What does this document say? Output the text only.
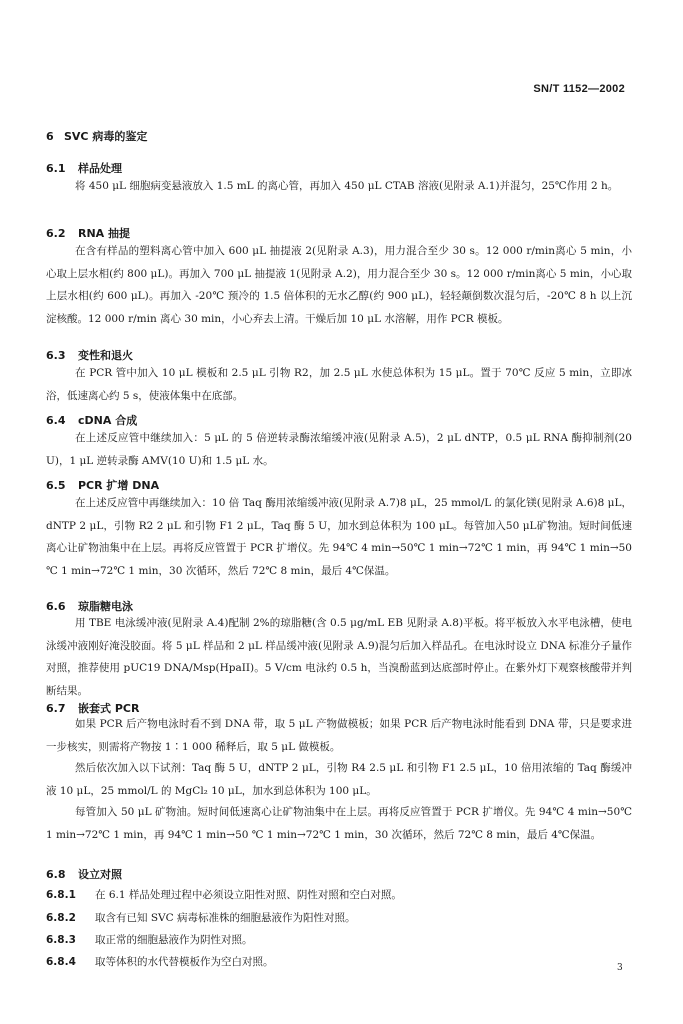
SN/T 1152—2002
6 SVC 病毒的鉴定
6.1 样品处理

将 450 μL 细胞病变悬液放入 1.5 mL 的离心管，再加入 450 μL CTAB 溶液(见附录 A.1)并混匀，25℃作用 2 h。

6.2 RNA 抽提

在含有样品的塑料离心管中加入 600 μL 抽提液 2(见附录 A.3)，用力混合至少 30 s。12 000 r/min离心 5 min，小心取上层水相(约 800 μL)。再加入 700 μL 抽提液 1(见附录 A.2)，用力混合至少 30 s。12 000 r/min离心 5 min，小心取上层水相(约 600 μL)。再加入 -20℃ 预冷的 1.5 倍体积的无水乙醇(约 900 μL)，轻轻颠倒数次混匀后，-20℃ 8 h 以上沉淀核酸。12 000 r/min 离心 30 min，小心弃去上清。干燥后加 10 μL 水溶解，用作 PCR 模板。

6.3 变性和退火

在 PCR 管中加入 10 μL 模板和 2.5 μL 引物 R2，加 2.5 μL 水使总体积为 15 μL。置于 70℃ 反应 5 min，立即冰浴，低速离心约 5 s，使液体集中在底部。

6.4 cDNA 合成

在上述反应管中继续加入：5 μL 的 5 倍逆转录酶浓缩缓冲液(见附录 A.5)，2 μL dNTP，0.5 μL RNA 酶抑制剂(20 U)，1 μL 逆转录酶 AMV(10 U)和 1.5 μL 水。

6.5 PCR 扩增 DNA

在上述反应管中再继续加入：10 倍 Taq 酶用浓缩缓冲液(见附录 A.7)8 μL，25 mmol/L 的氯化镁(见附录 A.6)8 μL，dNTP 2 μL，引物 R2 2 μL 和引物 F1 2 μL，Taq 酶 5 U，加水到总体积为 100 μL。每管加入50 μL矿物油。短时间低速离心让矿物油集中在上层。再将反应管置于 PCR 扩增仪。先 94℃ 4 min→50℃ 1 min→72℃ 1 min，再 94℃ 1 min→50 ℃ 1 min→72℃ 1 min，30 次循环，然后 72℃ 8 min，最后 4℃保温。

6.6 琼脂糖电泳

用 TBE 电泳缓冲液(见附录 A.4)配制 2%的琼脂糖(含 0.5 μg/mL EB 见附录 A.8)平板。将平板放入水平电泳槽，使电泳缓冲液刚好淹没胶面。将 5 μL 样品和 2 μL 样品缓冲液(见附录 A.9)混匀后加入样品孔。在电泳时设立 DNA 标准分子量作对照，推荐使用 pUC19 DNA/Msp(HpaII)。5 V/cm 电泳约 0.5 h，当溴酚蓝到达底部时停止。在紫外灯下观察核酸带并判断结果。

6.7 嵌套式 PCR

如果 PCR 后产物电泳时看不到 DNA 带，取 5 μL 产物做模板；如果 PCR 后产物电泳时能看到 DNA 带，只是要求进一步核实，则需将产物按 1∶1 000 稀释后，取 5 μL 做模板。

然后依次加入以下试剂：Taq 酶 5 U，dNTP 2 μL，引物 R4 2.5 μL 和引物 F1 2.5 μL，10 倍用浓缩的 Taq 酶缓冲液 10 μL，25 mmol/L 的 MgCl₂ 10 μL，加水到总体积为 100 μL。

每管加入 50 μL 矿物油。短时间低速离心让矿物油集中在上层。再将反应管置于 PCR 扩增仪。先 94℃ 4 min→50℃ 1 min→72℃ 1 min，再 94℃ 1 min→50 ℃ 1 min→72℃ 1 min，30 次循环，然后 72℃ 8 min，最后 4℃保温。

6.8 设立对照
6.8.1 在 6.1 样品处理过程中必须设立阳性对照、阴性对照和空白对照。
6.8.2 取含有已知 SVC 病毒标准株的细胞悬液作为阳性对照。
6.8.3 取正常的细胞悬液作为阴性对照。
6.8.4 取等体积的水代替模板作为空白对照。	3
